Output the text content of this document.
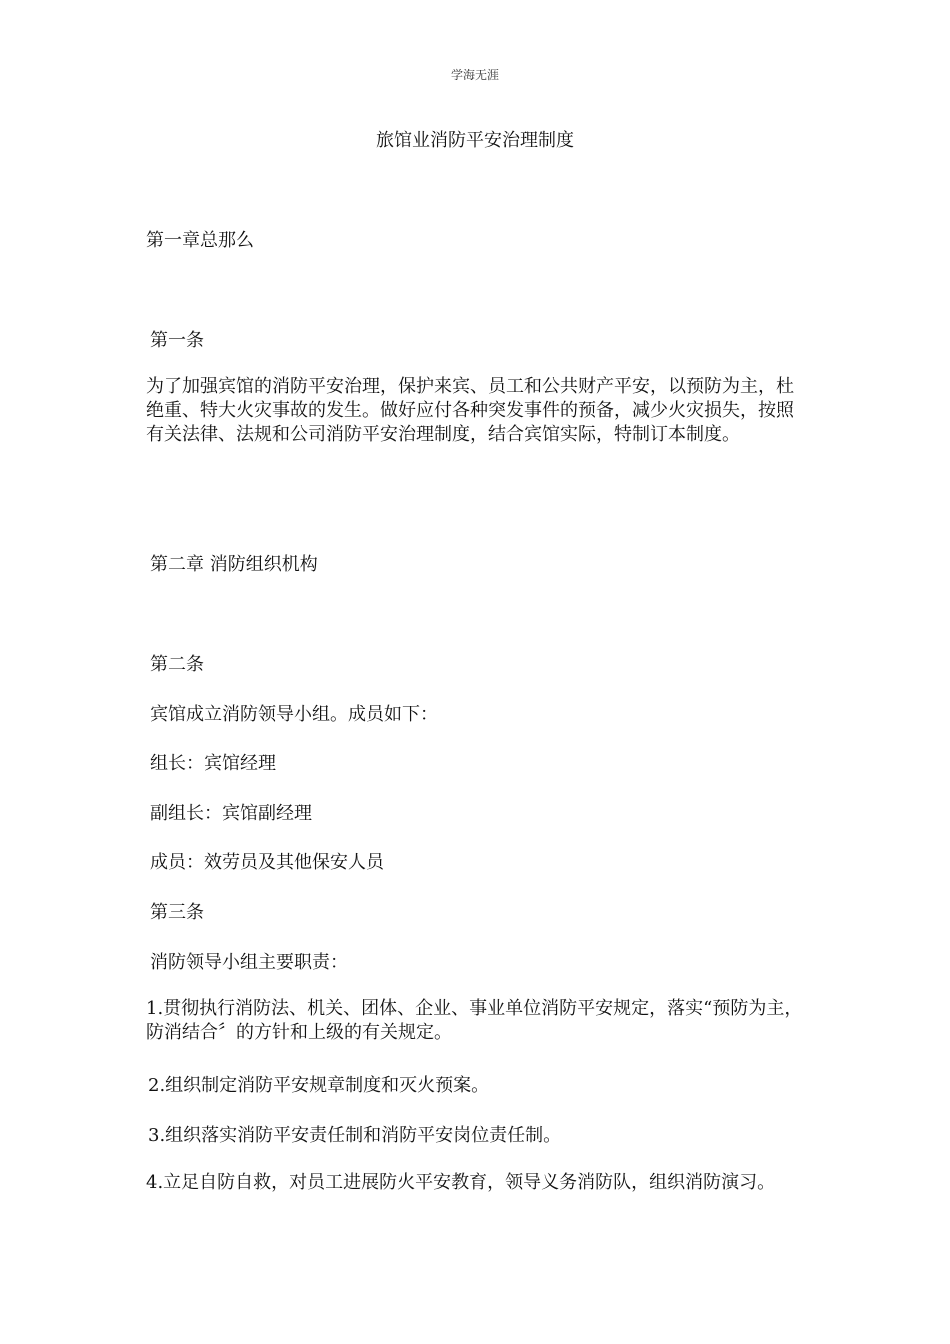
学海无涯
旅馆业消防平安治理制度
第一章总那么
第一条
为了加强宾馆的消防平安治理，保护来宾、员工和公共财产平安，以预防为主，杜绝重、特大火灾事故的发生。做好应付各种突发事件的预备，减少火灾损失，按照有关法律、法规和公司消防平安治理制度，结合宾馆实际，特制订本制度。
第二章 消防组织机构
第二条
宾馆成立消防领导小组。成员如下：
组长：宾馆经理
副组长：宾馆副经理
成员：效劳员及其他保安人员
第三条
消防领导小组主要职责：
1.贯彻执行消防法、机关、团体、企业、事业单位消防平安规定，落实“预防为主，防消结合〞的方针和上级的有关规定。
2.组织制定消防平安规章制度和灭火预案。
3.组织落实消防平安责任制和消防平安岗位责任制。
4.立足自防自救，对员工进展防火平安教育，领导义务消防队，组织消防演习。
